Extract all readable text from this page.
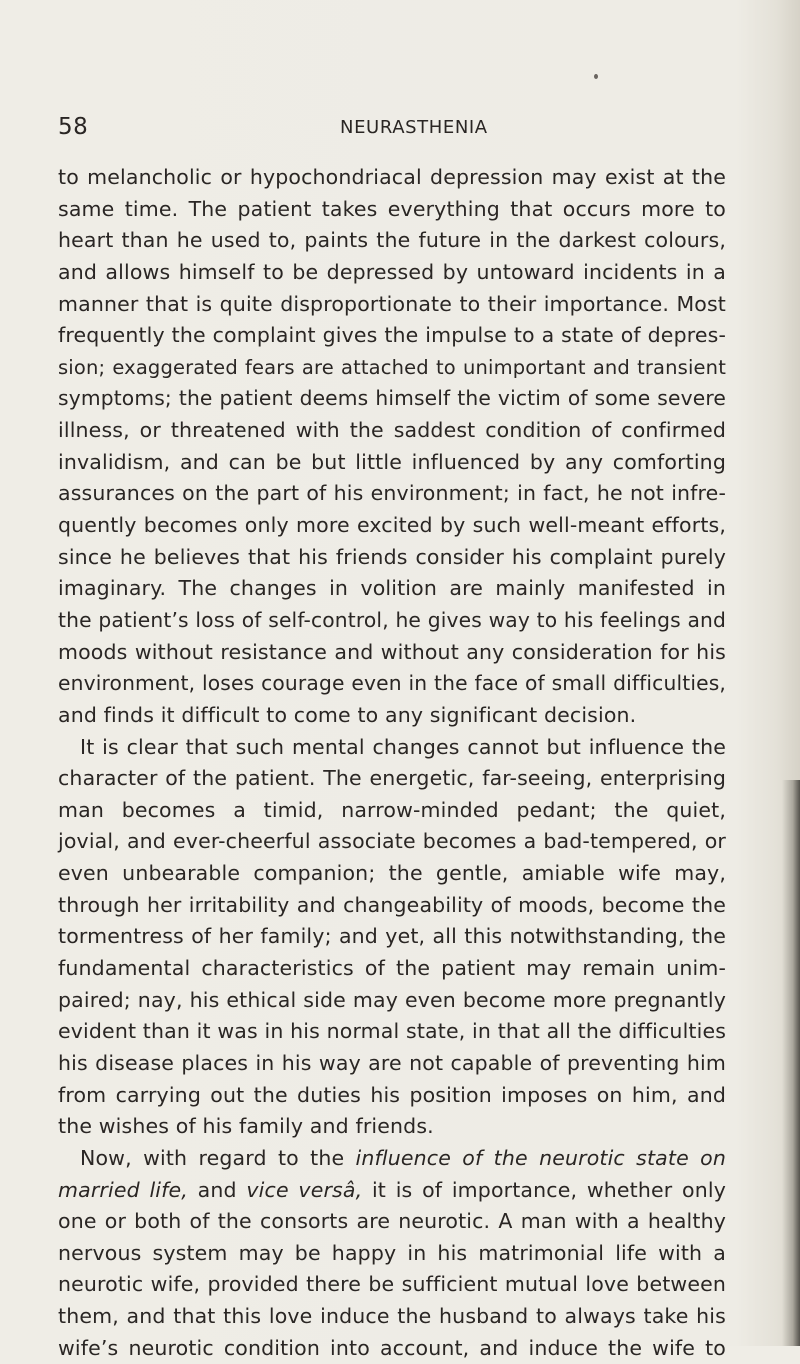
58	NEURASTHENIA
to melancholic or hypochondriacal depression may exist at the
same time. The patient takes everything that occurs more to
heart than he used to, paints the future in the darkest colours,
and allows himself to be depressed by untoward incidents in a
manner that is quite disproportionate to their importance. Most
frequently the complaint gives the impulse to a state of depres-
sion; exaggerated fears are attached to unimportant and transient
symptoms; the patient deems himself the victim of some severe
illness, or threatened with the saddest condition of confirmed
invalidism, and can be but little influenced by any comforting
assurances on the part of his environment; in fact, he not infre-
quently becomes only more excited by such well-meant efforts,
since he believes that his friends consider his complaint purely
imaginary. The changes in volition are mainly manifested in
the patient’s loss of self-control, he gives way to his feelings and
moods without resistance and without any consideration for his
environment, loses courage even in the face of small difficulties,
and finds it difficult to come to any significant decision.
It is clear that such mental changes cannot but influence the
character of the patient. The energetic, far-seeing, enterprising
man becomes a timid, narrow-minded pedant; the quiet,
jovial, and ever-cheerful associate becomes a bad-tempered, or
even unbearable companion; the gentle, amiable wife may,
through her irritability and changeability of moods, become the
tormentress of her family; and yet, all this notwithstanding, the
fundamental characteristics of the patient may remain unim-
paired; nay, his ethical side may even become more pregnantly
evident than it was in his normal state, in that all the difficulties
his disease places in his way are not capable of preventing him
from carrying out the duties his position imposes on him, and
the wishes of his family and friends.
Now, with regard to the influence of the neurotic state on
married life, and vice versâ, it is of importance, whether only
one or both of the consorts are neurotic. A man with a healthy
nervous system may be happy in his matrimonial life with a
neurotic wife, provided there be sufficient mutual love between
them, and that this love induce the husband to always take his
wife’s neurotic condition into account, and induce the wife to
